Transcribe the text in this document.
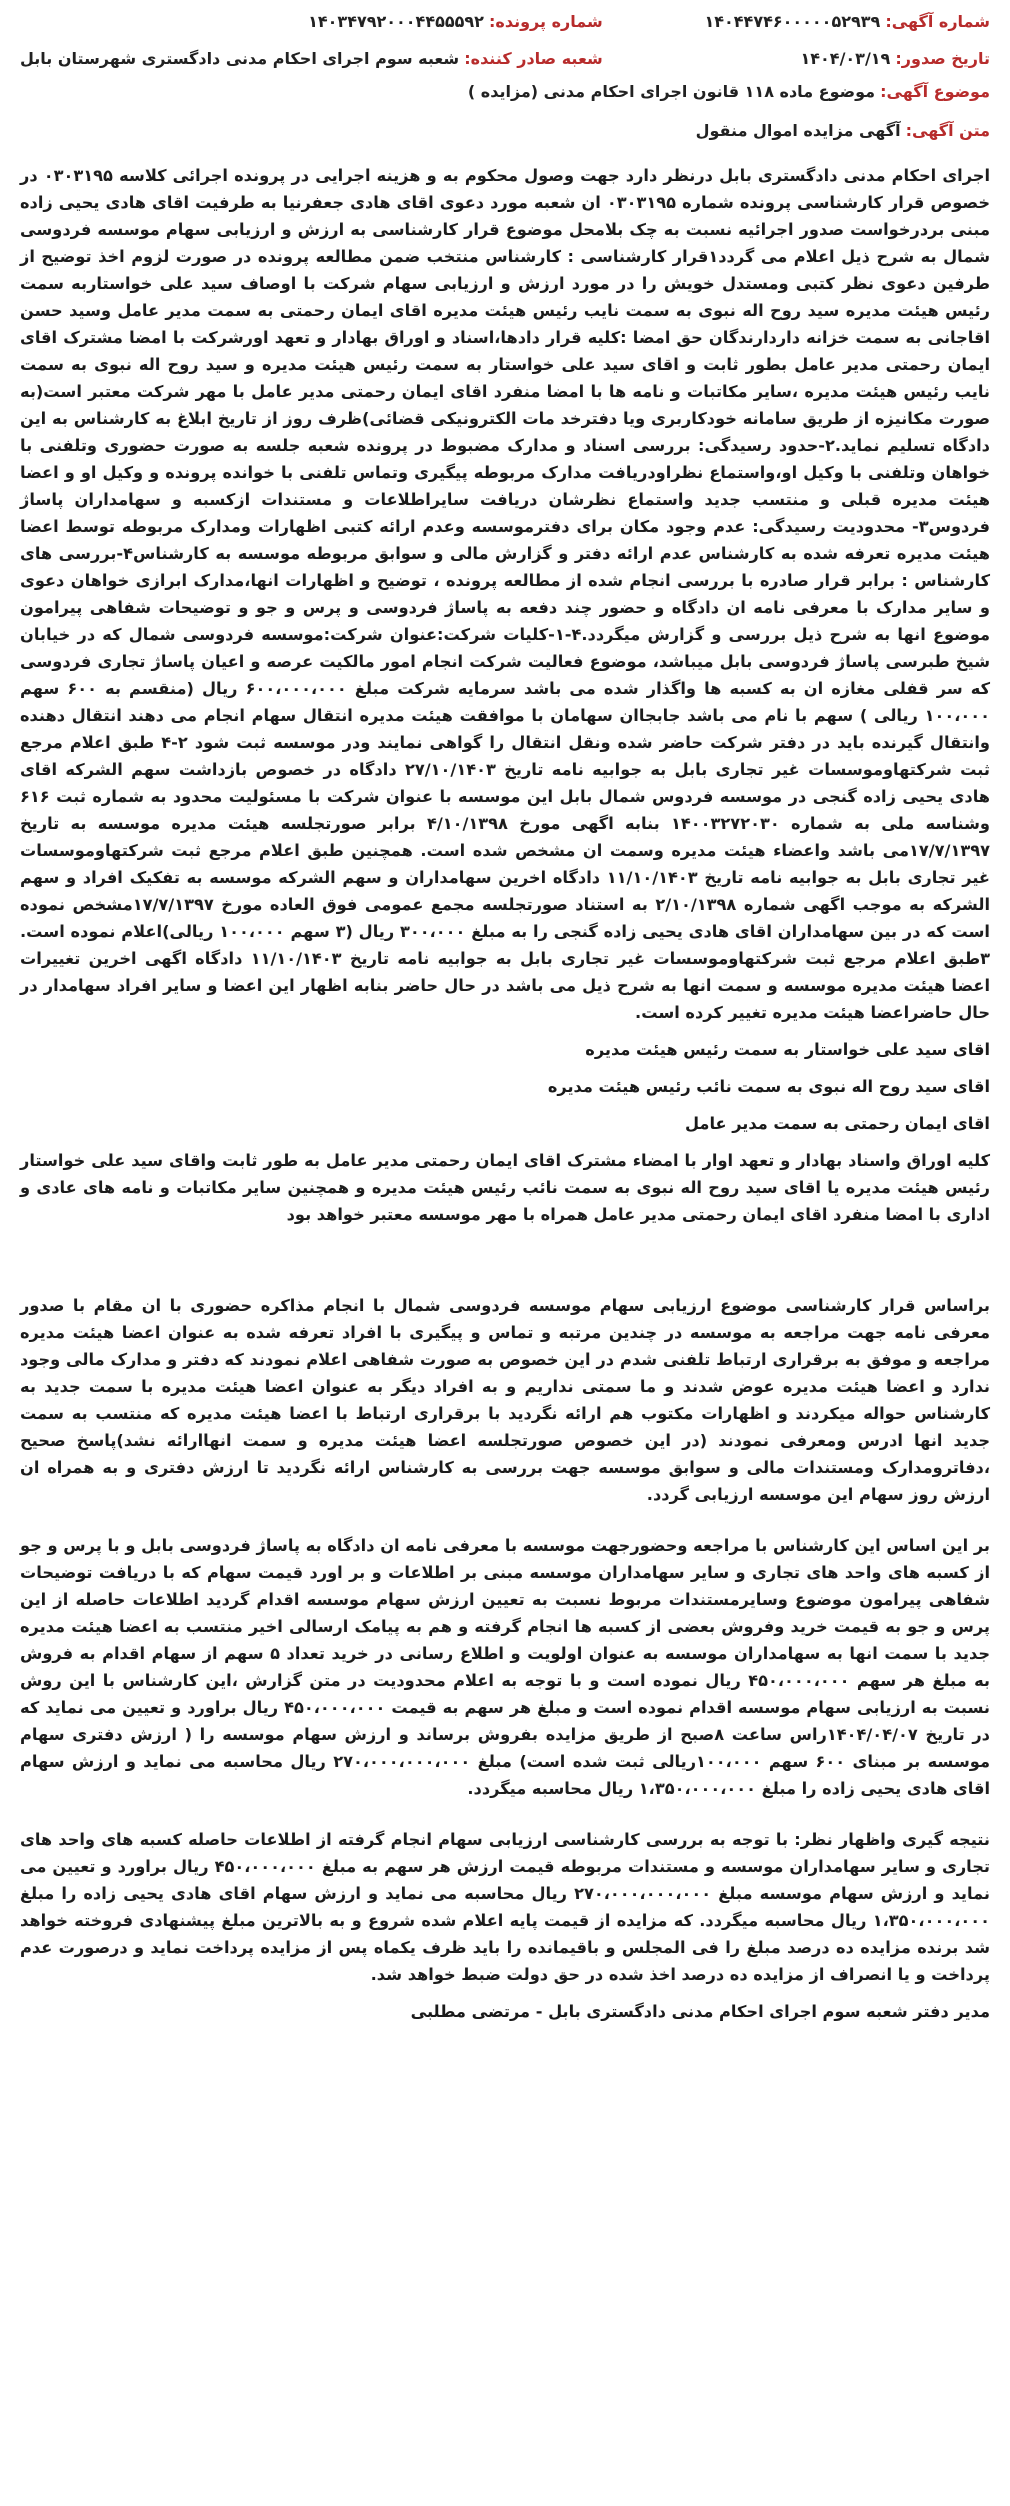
شماره آگهی: ۱۴۰۴۴۷۴۶۰۰۰۰۰۵۲۹۳۹
تاریخ صدور: ۱۴۰۴/۰۳/۱۹
شماره پرونده: ۱۴۰۳۴۷۹۲۰۰۰۴۴۵۵۵۹۲
شعبه صادر کننده: شعبه سوم اجرای احکام مدنی دادگستری شهرستان بابل
موضوع آگهی: موضوع ماده ۱۱۸ قانون اجرای احکام مدنی (مزایده )
متن آگهی: آگهی مزایده اموال منقول

اجرای احکام مدنی دادگستری بابل درنظر دارد جهت وصول محکوم به و هزینه اجرایی در پرونده اجرائی کلاسه ۰۳۰۳۱۹۵ در خصوص قرار کارشناسی پرونده شماره ۰۳۰۳۱۹۵ ان شعبه مورد دعوی اقای هادی جعفرنیا به طرفیت اقای هادی یحیی زاده مبنی بردرخواست صدور اجرائیه نسبت به چک بلامحل موضوع قرار کارشناسی به ارزش و ارزیابی سهام موسسه فردوسی شمال به شرح ذیل اعلام می گردد۱قرار کارشناسی : کارشناس منتخب ضمن مطالعه پرونده در صورت لزوم اخذ توضیح از طرفین دعوی نظر کتبی ومستدل خویش را در مورد ارزش و ارزیابی سهام شرکت با اوصاف سید علی خواستاربه سمت رئیس هیئت مدیره سید روح اله نبوی به سمت نایب رئیس هیئت مدیره اقای ایمان رحمتی به سمت مدیر عامل وسید حسن اقاجانی به سمت خزانه داردارندگان حق امضا :کلیه قرار دادها،اسناد و اوراق بهادار و تعهد اورشرکت با امضا مشترک اقای ایمان رحمتی مدیر عامل بطور ثابت و اقای سید علی خواستار به سمت رئیس هیئت مدیره و سید روح اله نبوی به سمت نایب رئیس هیئت مدیره ،سایر مکاتبات و نامه ها با امضا منفرد اقای ایمان رحمتی مدیر عامل با مهر شرکت معتبر است(به صورت مکانیزه از طریق سامانه خودکاربری ویا دفترخد مات الکترونیکی قضائی)ظرف روز از تاریخ ابلاغ به کارشناس به این دادگاه تسلیم نماید.۲-حدود رسیدگی: بررسی اسناد و مدارک مضبوط در پرونده شعبه جلسه به صورت حضوری وتلفنی با خواهان وتلفنی با وکیل او،واستماع نظراودریافت مدارک مربوطه پیگیری وتماس تلفنی با خوانده پرونده و وکیل او و اعضا هیئت مدیره قبلی و منتسب جدید واستماع نظرشان دریافت سایراطلاعات و مستندات ازکسبه و سهامداران پاساژ فردوس۳- محدودیت رسیدگی: عدم وجود مکان برای دفترموسسه وعدم ارائه کتبی اظهارات ومدارک مربوطه توسط اعضا هیئت مدیره تعرفه شده به کارشناس عدم ارائه دفتر و گزارش مالی و سوابق مربوطه موسسه به کارشناس۴-بررسی های کارشناس : برابر قرار صادره با بررسی انجام شده از مطالعه پرونده ، توضیح و اظهارات انها،مدارک ابرازی خواهان دعوی و سایر مدارک با معرفی نامه ان دادگاه و حضور چند دفعه به پاساژ فردوسی و پرس و جو و توضیحات شفاهی پیرامون موضوع انها به شرح ذیل بررسی و گزارش میگردد.۴-۱-کلیات شرکت:عنوان شرکت:موسسه فردوسی شمال که در خیابان شیخ طبرسی پاساژ فردوسی بابل میباشد، موضوع فعالیت شرکت انجام امور مالکیت عرصه و اعیان پاساژ تجاری فردوسی که سر قفلی مغازه ان به کسبه ها واگذار شده می باشد سرمایه شرکت مبلغ ۶۰۰،۰۰۰،۰۰۰ ریال (منقسم به ۶۰۰ سهم ۱۰۰،۰۰۰ ریالی ) سهم با نام می باشد جابجاان سهامان با موافقت هیئت مدیره انتقال سهام انجام می دهند انتقال دهنده وانتقال گیرنده باید در دفتر شرکت حاضر شده ونقل انتقال را گواهی نمایند ودر موسسه ثبت شود ۲-۴ طبق اعلام مرجع ثبت شرکتهاوموسسات غیر تجاری بابل به جوابیه نامه تاریخ ۲۷/۱۰/۱۴۰۳ دادگاه در خصوص بازداشت سهم الشرکه اقای هادی یحیی زاده گنجی در موسسه فردوس شمال بابل این موسسه با عنوان شرکت با مسئولیت محدود به شماره ثبت ۶۱۶ وشناسه ملی به شماره ۱۴۰۰۳۲۷۲۰۳۰ بنابه اگهی مورخ ۴/۱۰/۱۳۹۸ برابر صورتجلسه هیئت مدیره موسسه به تاریخ ۱۷/۷/۱۳۹۷می باشد واعضاء هیئت مدیره وسمت ان مشخص شده است. همچنین طبق اعلام مرجع ثبت شرکتهاوموسسات غیر تجاری بابل به جوابیه نامه تاریخ ۱۱/۱۰/۱۴۰۳ دادگاه اخرین سهامداران و سهم الشرکه موسسه به تفکیک افراد و سهم الشرکه به موجب اگهی شماره ۲/۱۰/۱۳۹۸ به استناد صورتجلسه مجمع عمومی فوق العاده مورخ ۱۷/۷/۱۳۹۷مشخص نموده است که در بین سهامداران اقای هادی یحیی زاده گنجی را به مبلغ ۳۰۰،۰۰۰ ریال (۳ سهم ۱۰۰،۰۰۰ ریالی)اعلام نموده است. ۳طبق اعلام مرجع ثبت شرکتهاوموسسات غیر تجاری بابل به جوابیه نامه تاریخ ۱۱/۱۰/۱۴۰۳ دادگاه اگهی اخرین تغییرات اعضا هیئت مدیره موسسه و سمت انها به شرح ذیل می باشد در حال حاضر بنابه اظهار این اعضا و سایر افراد سهامدار در حال حاضراعضا هیئت مدیره تغییر کرده است.

اقای سید علی خواستار به سمت رئیس هیئت مدیره
اقای سید روح اله نبوی به سمت نائب رئیس هیئت مدیره
اقای ایمان رحمتی به سمت مدیر عامل

کلیه اوراق واسناد بهادار و تعهد اوار با امضاء مشترک اقای ایمان رحمتی مدیر عامل به طور ثابت واقای سید علی خواستار رئیس هیئت مدیره یا اقای سید روح اله نبوی به سمت نائب رئیس هیئت مدیره و همچنین سایر مکاتبات و نامه های عادی و اداری با امضا منفرد اقای ایمان رحمتی مدیر عامل همراه با مهر موسسه معتبر خواهد بود

براساس قرار کارشناسی موضوع ارزیابی سهام موسسه فردوسی شمال با انجام مذاکره حضوری با ان مقام با صدور معرفی نامه جهت مراجعه به موسسه در چندین مرتبه و تماس و پیگیری با افراد تعرفه شده به عنوان اعضا هیئت مدیره مراجعه و موفق به برقراری ارتباط تلفنی شدم در این خصوص به صورت شفاهی اعلام نمودند که دفتر و مدارک مالی وجود ندارد و اعضا هیئت مدیره عوض شدند و ما سمتی نداریم و به افراد دیگر به عنوان اعضا هیئت مدیره با سمت جدید به کارشناس حواله میکردند و اظهارات مکتوب هم ارائه نگردید با برقراری ارتباط با اعضا هیئت مدیره که منتسب به سمت جدید انها ادرس ومعرفی نمودند (در این خصوص صورتجلسه اعضا هیئت مدیره و سمت انهاارائه نشد)پاسخ صحیح ،دفاترومدارک ومستندات مالی و سوابق موسسه جهت بررسی به کارشناس ارائه نگردید تا ارزش دفتری و به همراه ان ارزش روز سهام این موسسه ارزیابی گردد.

بر این اساس این کارشناس با مراجعه وحضورجهت موسسه با معرفی نامه ان دادگاه به پاساژ فردوسی بابل و با پرس و جو از کسبه های واحد های تجاری و سایر سهامداران موسسه مبنی بر اطلاعات و بر اورد قیمت سهام که با دریافت توضیحات شفاهی پیرامون موضوع وسایرمستندات مربوط نسبت به تعیین ارزش سهام موسسه اقدام گردید اطلاعات حاصله از این پرس و جو به قیمت خرید وفروش بعضی از کسبه ها انجام گرفته و هم به پیامک ارسالی اخیر منتسب به اعضا هیئت مدیره جدید با سمت انها به سهامداران موسسه به عنوان اولویت و اطلاع رسانی در خرید تعداد ۵ سهم از سهام اقدام به فروش به مبلغ هر سهم ۴۵۰،۰۰۰،۰۰۰ ریال نموده است و با توجه به اعلام محدودیت در متن گزارش ،این کارشناس با این روش نسبت به ارزیابی سهام موسسه اقدام نموده است و مبلغ هر سهم به قیمت ۴۵۰،۰۰۰،۰۰۰ ریال براورد و تعیین می نماید که در تاریخ ۱۴۰۴/۰۴/۰۷راس ساعت ۸صبح از طریق مزایده بفروش برساند و ارزش سهام موسسه را ( ارزش دفتری سهام موسسه بر مبنای ۶۰۰ سهم ۱۰۰،۰۰۰ریالی ثبت شده است) مبلغ ۲۷۰،۰۰۰،۰۰۰،۰۰۰ ریال محاسبه می نماید و ارزش سهام اقای هادی یحیی زاده را مبلغ ۱،۳۵۰،۰۰۰،۰۰۰ ریال محاسبه میگردد.

نتیجه گیری واظهار نظر: با توجه به بررسی کارشناسی ارزیابی سهام انجام گرفته از اطلاعات حاصله کسبه های واحد های تجاری و سایر سهامداران موسسه و مستندات مربوطه قیمت ارزش هر سهم به مبلغ ۴۵۰،۰۰۰،۰۰۰ ریال براورد و تعیین می نماید و ارزش سهام موسسه مبلغ ۲۷۰،۰۰۰،۰۰۰،۰۰۰ ریال محاسبه می نماید و ارزش سهام اقای هادی یحیی زاده را مبلغ ۱،۳۵۰،۰۰۰،۰۰۰ ریال محاسبه میگردد. که مزایده از قیمت پایه اعلام شده شروع و به بالاترین مبلغ پیشنهادی فروخته خواهد شد برنده مزایده ده درصد مبلغ را فی المجلس و باقیمانده را باید ظرف یکماه پس از مزایده پرداخت نماید و درصورت عدم پرداخت و یا انصراف از مزایده ده درصد اخذ شده در حق دولت ضبط خواهد شد.

مدیر دفتر شعبه سوم اجرای احکام مدنی دادگستری بابل - مرتضی مطلبی
